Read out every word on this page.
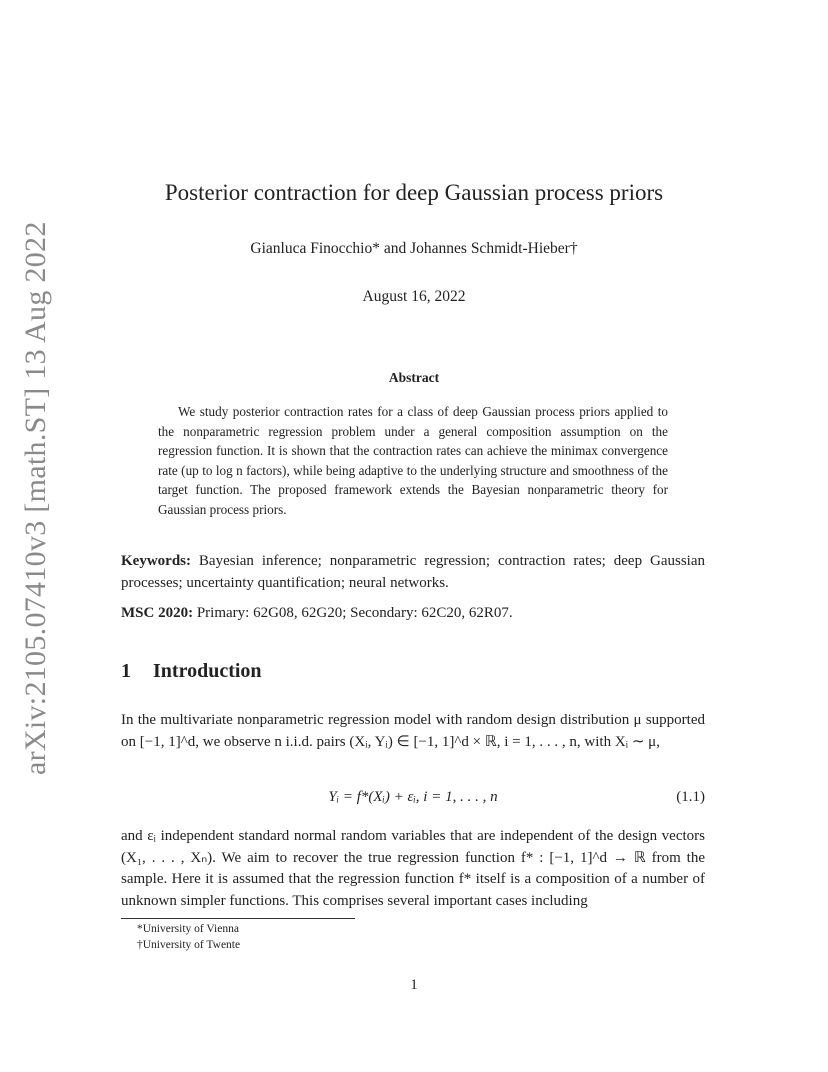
arXiv:2105.07410v3 [math.ST] 13 Aug 2022
Posterior contraction for deep Gaussian process priors
Gianluca Finocchio* and Johannes Schmidt-Hieber†
August 16, 2022
Abstract
We study posterior contraction rates for a class of deep Gaussian process priors applied to the nonparametric regression problem under a general composition assumption on the regression function. It is shown that the contraction rates can achieve the minimax convergence rate (up to log n factors), while being adaptive to the underlying structure and smoothness of the target function. The proposed framework extends the Bayesian nonparametric theory for Gaussian process priors.
Keywords: Bayesian inference; nonparametric regression; contraction rates; deep Gaussian processes; uncertainty quantification; neural networks.
MSC 2020: Primary: 62G08, 62G20; Secondary: 62C20, 62R07.
1 Introduction
In the multivariate nonparametric regression model with random design distribution μ supported on [−1, 1]^d, we observe n i.i.d. pairs (Xᵢ, Yᵢ) ∈ [−1, 1]^d × ℝ, i = 1, . . . , n, with Xᵢ ∼ μ,
Yᵢ = f*(Xᵢ) + εᵢ, i = 1, . . . , n	(1.1)
and εᵢ independent standard normal random variables that are independent of the design vectors (X₁, . . . , Xₙ). We aim to recover the true regression function f* : [−1, 1]^d → ℝ from the sample. Here it is assumed that the regression function f* itself is a composition of a number of unknown simpler functions. This comprises several important cases including
*University of Vienna
†University of Twente
1
